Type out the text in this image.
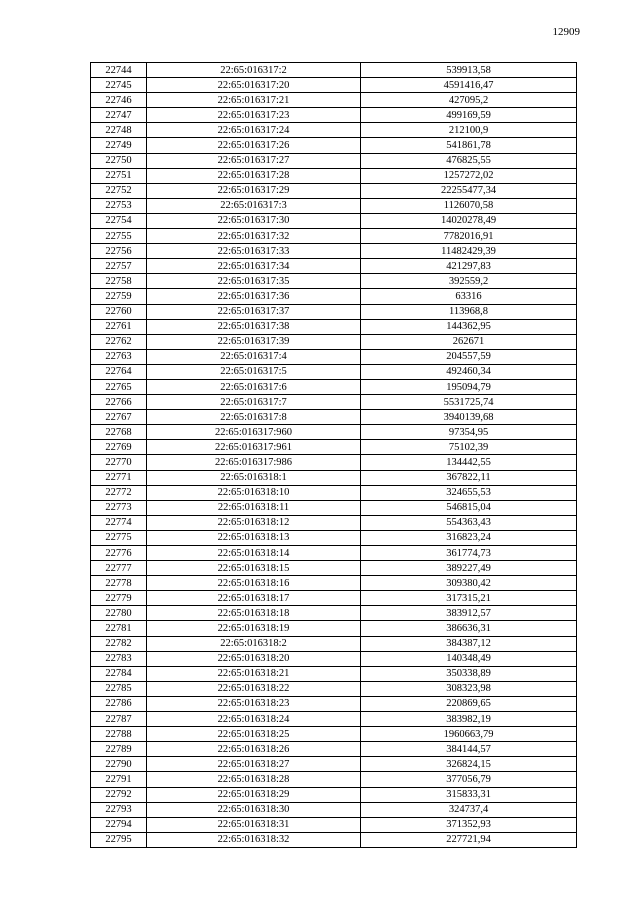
12909
22744	22:65:016317:2	539913,58
22745	22:65:016317:20	4591416,47
22746	22:65:016317:21	427095,2
22747	22:65:016317:23	499169,59
22748	22:65:016317:24	212100,9
22749	22:65:016317:26	541861,78
22750	22:65:016317:27	476825,55
22751	22:65:016317:28	1257272,02
22752	22:65:016317:29	22255477,34
22753	22:65:016317:3	1126070,58
22754	22:65:016317:30	14020278,49
22755	22:65:016317:32	7782016,91
22756	22:65:016317:33	11482429,39
22757	22:65:016317:34	421297,83
22758	22:65:016317:35	392559,2
22759	22:65:016317:36	63316
22760	22:65:016317:37	113968,8
22761	22:65:016317:38	144362,95
22762	22:65:016317:39	262671
22763	22:65:016317:4	204557,59
22764	22:65:016317:5	492460,34
22765	22:65:016317:6	195094,79
22766	22:65:016317:7	5531725,74
22767	22:65:016317:8	3940139,68
22768	22:65:016317:960	97354,95
22769	22:65:016317:961	75102,39
22770	22:65:016317:986	134442,55
22771	22:65:016318:1	367822,11
22772	22:65:016318:10	324655,53
22773	22:65:016318:11	546815,04
22774	22:65:016318:12	554363,43
22775	22:65:016318:13	316823,24
22776	22:65:016318:14	361774,73
22777	22:65:016318:15	389227,49
22778	22:65:016318:16	309380,42
22779	22:65:016318:17	317315,21
22780	22:65:016318:18	383912,57
22781	22:65:016318:19	386636,31
22782	22:65:016318:2	384387,12
22783	22:65:016318:20	140348,49
22784	22:65:016318:21	350338,89
22785	22:65:016318:22	308323,98
22786	22:65:016318:23	220869,65
22787	22:65:016318:24	383982,19
22788	22:65:016318:25	1960663,79
22789	22:65:016318:26	384144,57
22790	22:65:016318:27	326824,15
22791	22:65:016318:28	377056,79
22792	22:65:016318:29	315833,31
22793	22:65:016318:30	324737,4
22794	22:65:016318:31	371352,93
22795	22:65:016318:32	227721,94
